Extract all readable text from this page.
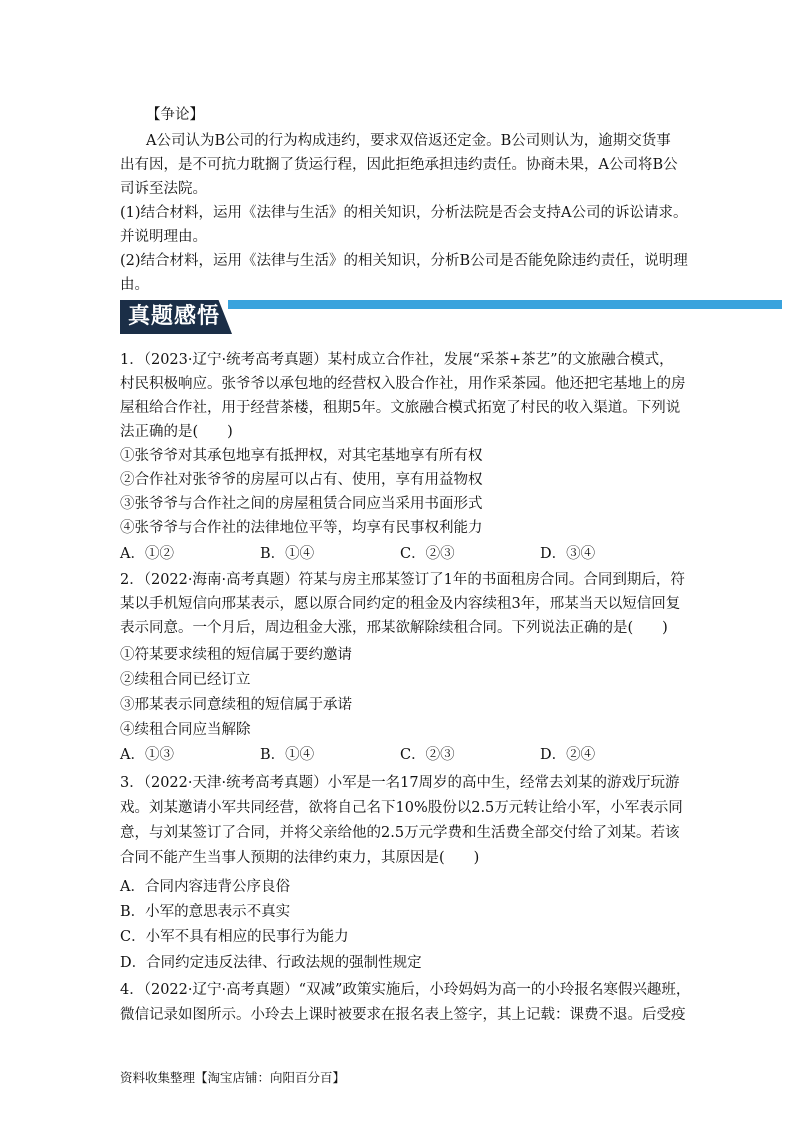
【争论】
A公司认为B公司的行为构成违约，要求双倍返还定金。B公司则认为，逾期交货事
出有因，是不可抗力耽搁了货运行程，因此拒绝承担违约责任。协商未果，A公司将B公
司诉至法院。
(1)结合材料，运用《法律与生活》的相关知识，分析法院是否会支持A公司的诉讼请求。
并说明理由。
(2)结合材料，运用《法律与生活》的相关知识，分析B公司是否能免除违约责任，说明理
由。
真题感悟
1．（2023·辽宁·统考高考真题）某村成立合作社，发展“采茶+茶艺”的文旅融合模式，
村民积极响应。张爷爷以承包地的经营权入股合作社，用作采茶园。他还把宅基地上的房
屋租给合作社，用于经营茶楼，租期5年。文旅融合模式拓宽了村民的收入渠道。下列说
法正确的是(　　)
①张爷爷对其承包地享有抵押权，对其宅基地享有所有权
②合作社对张爷爷的房屋可以占有、使用，享有用益物权
③张爷爷与合作社之间的房屋租赁合同应当采用书面形式
④张爷爷与合作社的法律地位平等，均享有民事权利能力
A．①②	B．①④	C．②③	D．③④
2．（2022·海南·高考真题）符某与房主邢某签订了1年的书面租房合同。合同到期后，符
某以手机短信向邢某表示，愿以原合同约定的租金及内容续租3年，邢某当天以短信回复
表示同意。一个月后，周边租金大涨，邢某欲解除续租合同。下列说法正确的是(　　)
①符某要求续租的短信属于要约邀请
②续租合同已经订立
③邢某表示同意续租的短信属于承诺
④续租合同应当解除
A．①③	B．①④	C．②③	D．②④
3．（2022·天津·统考高考真题）小军是一名17周岁的高中生，经常去刘某的游戏厅玩游
戏。刘某邀请小军共同经营，欲将自己名下10%股份以2.5万元转让给小军，小军表示同
意，与刘某签订了合同，并将父亲给他的2.5万元学费和生活费全部交付给了刘某。若该
合同不能产生当事人预期的法律约束力，其原因是(　　)
A．合同内容违背公序良俗
B．小军的意思表示不真实
C．小军不具有相应的民事行为能力
D．合同约定违反法律、行政法规的强制性规定
4．（2022·辽宁·高考真题）“双减”政策实施后，小玲妈妈为高一的小玲报名寒假兴趣班，
微信记录如图所示。小玲去上课时被要求在报名表上签字，其上记载：课费不退。后受疫
资料收集整理【淘宝店铺：向阳百分百】
